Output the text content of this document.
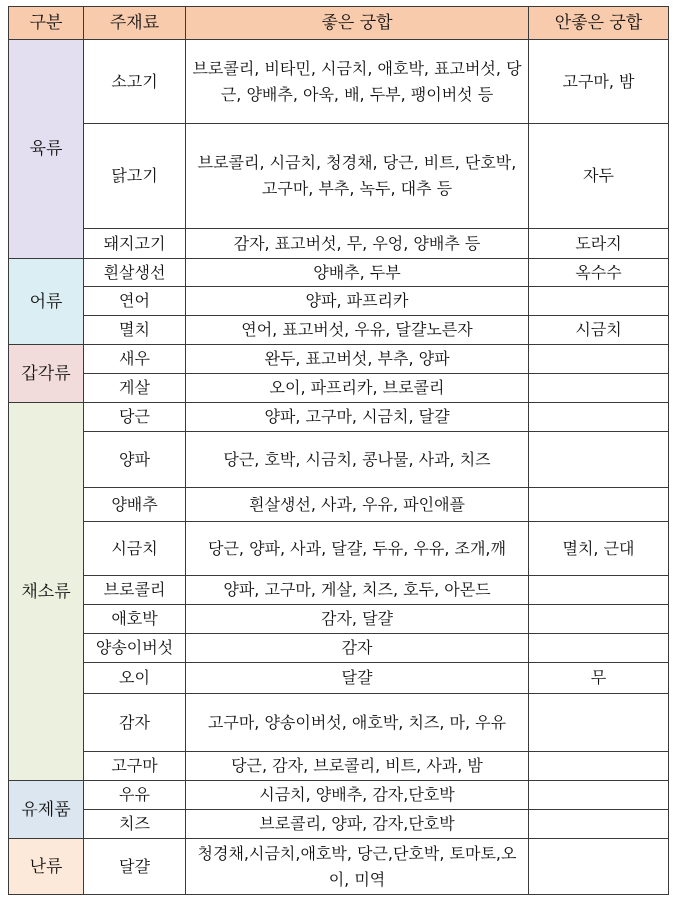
구분	주재료	좋은 궁합	안좋은 궁합
육류	소고기	브로콜리, 비타민, 시금치, 애호박, 표고버섯, 당근, 양배추, 아욱, 배, 두부, 팽이버섯 등	고구마, 밤
	닭고기	브로콜리, 시금치, 청경채, 당근, 비트, 단호박, 고구마, 부추, 녹두, 대추 등	자두
	돼지고기	감자, 표고버섯, 무, 우엉, 양배추 등	도라지
어류	흰살생선	양배추, 두부	옥수수
	연어	양파, 파프리카	
	멸치	연어, 표고버섯, 우유, 달걀노른자	시금치
갑각류	새우	완두, 표고버섯, 부추, 양파	
	게살	오이, 파프리카, 브로콜리	
채소류	당근	양파, 고구마, 시금치, 달걀	
	양파	당근, 호박, 시금치, 콩나물, 사과, 치즈	
	양배추	흰살생선, 사과, 우유, 파인애플	
	시금치	당근, 양파, 사과, 달걀, 두유, 우유, 조개,깨	멸치, 근대
	브로콜리	양파, 고구마, 게살, 치즈, 호두, 아몬드	
	애호박	감자, 달걀	
	양송이버섯	감자	
	오이	달걀	무
	감자	고구마, 양송이버섯, 애호박, 치즈, 마, 우유	
	고구마	당근, 감자, 브로콜리, 비트, 사과, 밤	
유제품	우유	시금치, 양배추, 감자,단호박	
	치즈	브로콜리, 양파, 감자,단호박	
난류	달걀	청경채,시금치,애호박, 당근,단호박, 토마토,오이, 미역	
